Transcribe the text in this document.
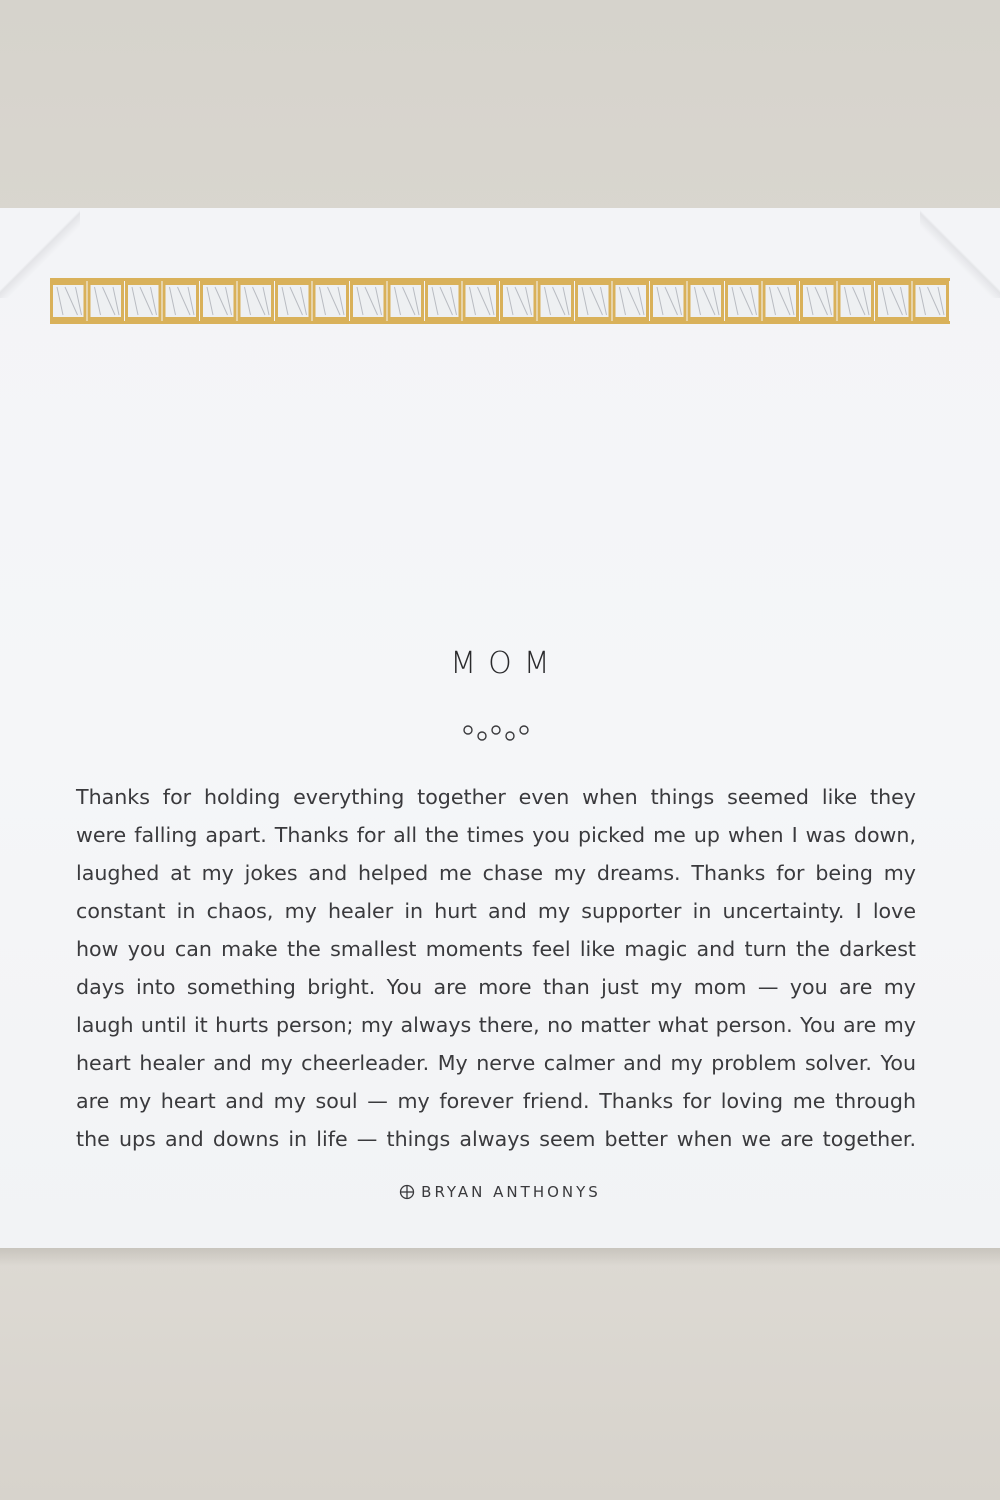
MOM
Thanks for holding everything together even when things seemed like they
were falling apart. Thanks for all the times you picked me up when I was down,
laughed at my jokes and helped me chase my dreams. Thanks for being my
constant in chaos, my healer in hurt and my supporter in uncertainty. I love
how you can make the smallest moments feel like magic and turn the darkest
days into something bright. You are more than just my mom — you are my
laugh until it hurts person; my always there, no matter what person. You are my
heart healer and my cheerleader. My nerve calmer and my problem solver. You
are my heart and my soul — my forever friend. Thanks for loving me through
the ups and downs in life — things always seem better when we are together.
BRYAN ANTHONYS
